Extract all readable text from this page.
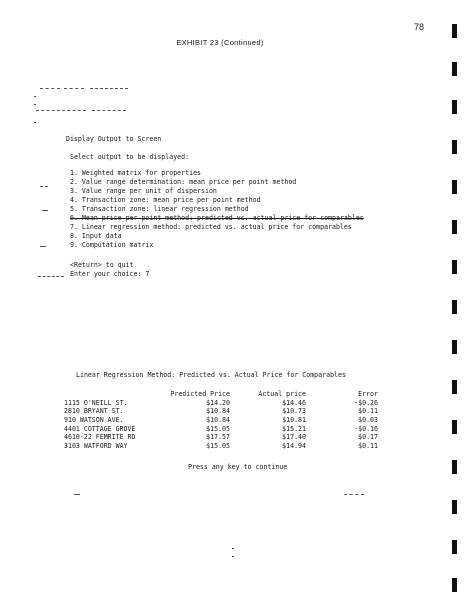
78
EXHIBIT 23 (Continued)
Display Output to Screen
Select output to be displayed:
1. Weighted matrix for properties
2. Value range determination: mean price per point method
3. Value range per unit of dispersion
4. Transaction zone: mean price per point method
5. Transaction zone: linear regression method
6. Mean price per point method: predicted vs. actual price for comparables
7. Linear regression method: predicted vs. actual price for comparables
8. Input data
9. Computation matrix
<Return> to quit
Enter your choice: 7
Linear Regression Method: Predicted vs. Actual Price for Comparables
	Predicted Price	Actual price	Error
1115 O'NEILL ST.	$14.20	$14.46	-$0.26
2810 BRYANT ST.	$10.84	$10.73	$0.11
910 WATSON AVE.	$10.84	$10.81	$0.03
4401 COTTAGE GROVE	$15.05	$15.21	-$0.16
4610-22 FEMRITE RD	$17.57	$17.40	$0.17
3103 WATFORD WAY	$15.05	$14.94	$0.11
Press any key to continue
